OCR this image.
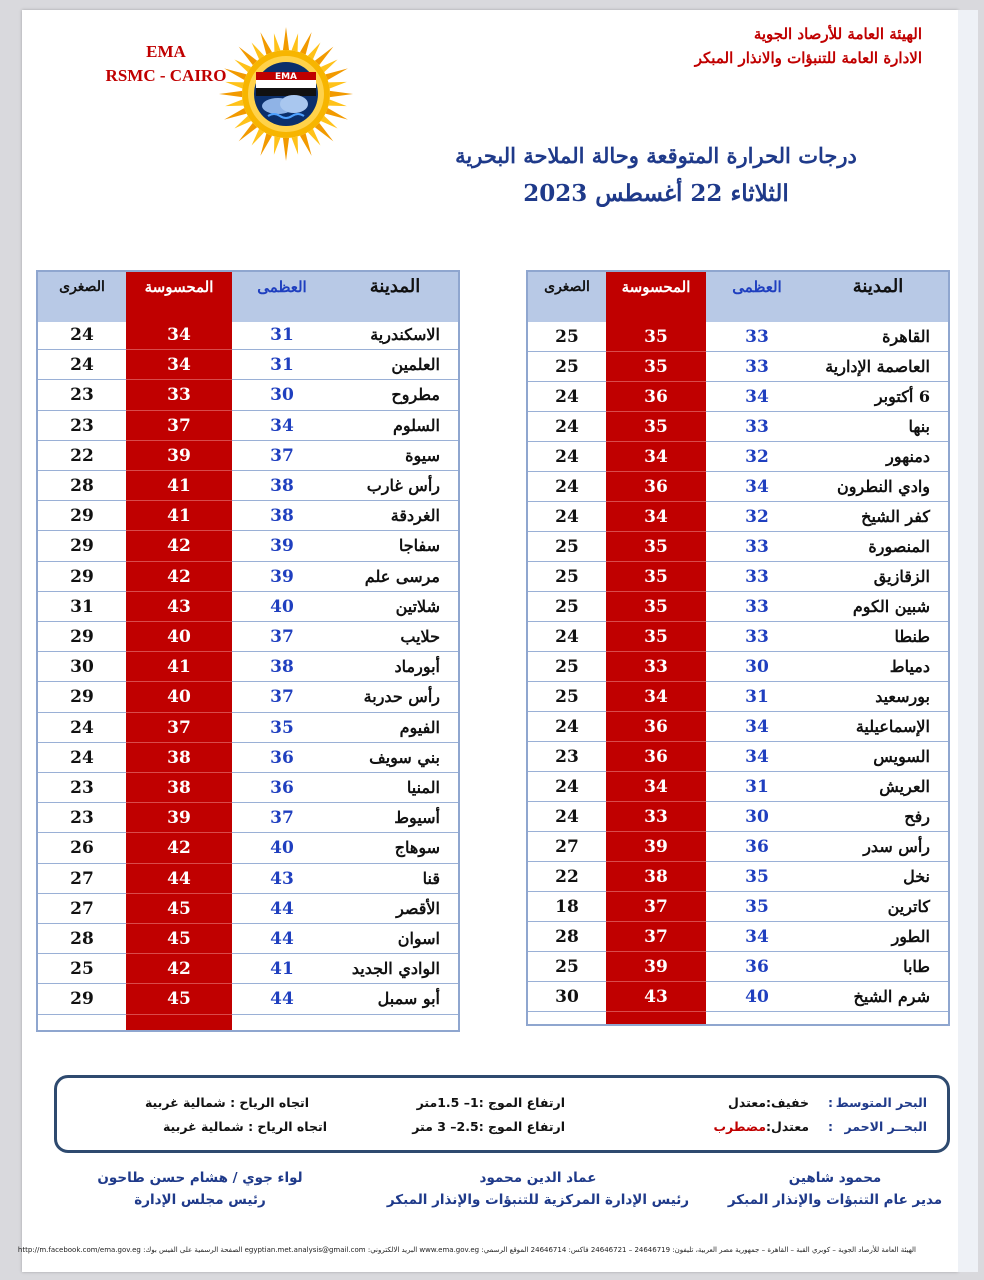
EMA
RSMC - CAIRO	EMA
الهيئة العامة للأرصاد الجوية
الادارة العامة للتنبؤات والانذار المبكر
درجات الحرارة المتوقعة وحالة الملاحة البحرية
الثلاثاء 22 أغسطس 2023
الصغرى	المحسوسة	العظمى	المدينة
24	34	31	الاسكندرية
24	34	31	العلمين
23	33	30	مطروح
23	37	34	السلوم
22	39	37	سيوة
28	41	38	رأس غارب
29	41	38	الغردقة
29	42	39	سفاجا
29	42	39	مرسى علم
31	43	40	شلاتين
29	40	37	حلايب
30	41	38	أبورماد
29	40	37	رأس حدربة
24	37	35	الفيوم
24	38	36	بني سويف
23	38	36	المنيا
23	39	37	أسيوط
26	42	40	سوهاج
27	44	43	قنا
27	45	44	الأقصر
28	45	44	اسوان
25	42	41	الوادي الجديد
29	45	44	أبو سمبل
الصغرى	المحسوسة	العظمى	المدينة
25	35	33	القاهرة
25	35	33	العاصمة الإدارية
24	36	34	6 أكتوبر
24	35	33	بنها
24	34	32	دمنهور
24	36	34	وادي النطرون
24	34	32	كفر الشيخ
25	35	33	المنصورة
25	35	33	الزقازيق
25	35	33	شبين الكوم
24	35	33	طنطا
25	33	30	دمياط
25	34	31	بورسعيد
24	36	34	الإسماعيلية
23	36	34	السويس
24	34	31	العريش
24	33	30	رفح
27	39	36	رأس سدر
22	38	35	نخل
18	37	35	كاترين
28	37	34	الطور
25	39	36	طابا
30	43	40	شرم الشيخ
البحر المتوسط
:
خفيف:معتدل
ارتفاع الموج :1– 1.5متر
اتجاه الرياح : شمالية غربية
البحــر الاحمر
:
معتدل:مضطرب
ارتفاع الموج :2.5– 3 متر
اتجاه الرياح : شمالية غربية
محمود شاهين
مدير عام التنبؤات والإنذار المبكر
عماد الدين محمود
رئيس الإدارة المركزية للتنبؤات والإنذار المبكر
لواء جوي / هشام حسن طاحون
رئيس مجلس الإدارة
الهيئة العامة للأرصاد الجوية – كوبري القبة – القاهرة – جمهورية مصر العربية، تليفون: 24646719 – 24646721 فاكس: 24646714 الموقع الرسمي: www.ema.gov.eg البريد الالكتروني: egyptian.met.analysis@gmail.com الصفحة الرسمية على الفيس بوك: http://m.facebook.com/ema.gov.eg
